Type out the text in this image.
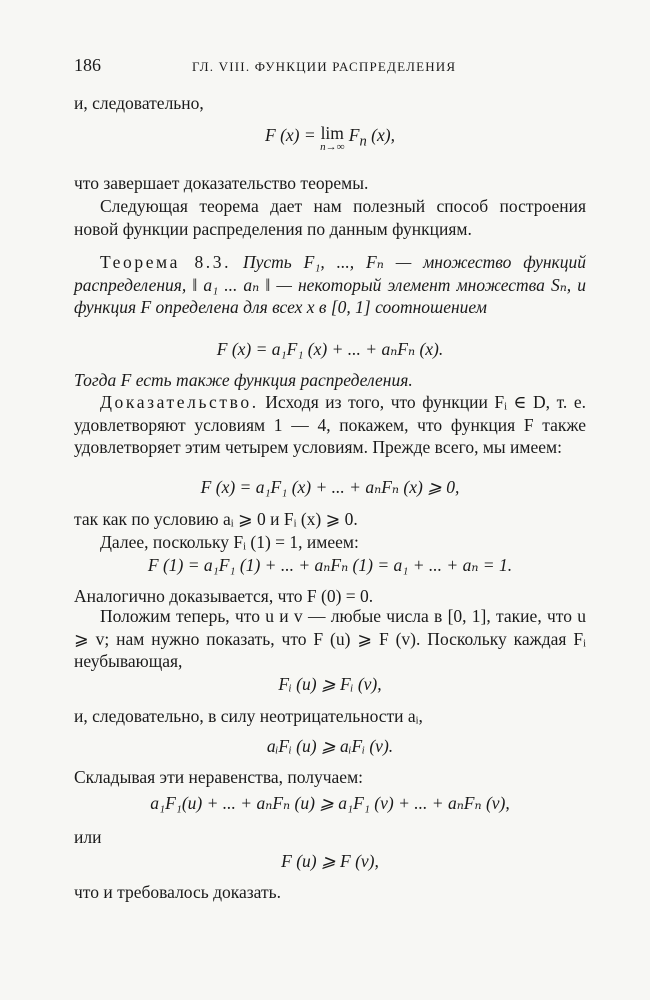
186	ГЛ. VIII. ФУНКЦИИ РАСПРЕДЕЛЕНИЯ

и, следовательно,

F (x) = lim
n→∞
$F_n$ (x),

что завершает доказательство теоремы.

Следующая теорема дает нам полезный способ построения новой функции распределения по данным функциям.

Теорема 8.3. Пусть F₁, ..., Fₙ — множество функций распределения, ‖ a₁ ... aₙ ‖ — некоторый элемент множества Sₙ, и функция F определена для всех x в [0, 1] соотношением

F (x) = a₁F₁ (x) + ... + aₙFₙ (x).

Тогда F есть также функция распределения.

Доказательство. Исходя из того, что функции Fᵢ ∈ D, т. е. удовлетворяют условиям 1 — 4, покажем, что функция F также удовлетворяет этим четырем условиям. Прежде всего, мы имеем:

F (x) = a₁F₁ (x) + ... + aₙFₙ (x) ⩾ 0,

так как по условию aᵢ ⩾ 0 и Fᵢ (x) ⩾ 0.

Далее, поскольку Fᵢ (1) = 1, имеем:

F (1) = a₁F₁ (1) + ... + aₙFₙ (1) = a₁ + ... + aₙ = 1.

Аналогично доказывается, что F (0) = 0.

Положим теперь, что u и v — любые числа в [0, 1], такие, что u ⩾ v; нам нужно показать, что F (u) ⩾ F (v). Поскольку каждая Fᵢ неубывающая,

Fᵢ (u) ⩾ Fᵢ (v),

и, следовательно, в силу неотрицательности aᵢ,

aᵢFᵢ (u) ⩾ aᵢFᵢ (v).

Складывая эти неравенства, получаем:

a₁F₁(u) + ... + aₙFₙ (u) ⩾ a₁F₁ (v) + ... + aₙFₙ (v),

или

F (u) ⩾ F (v),

что и требовалось доказать.
